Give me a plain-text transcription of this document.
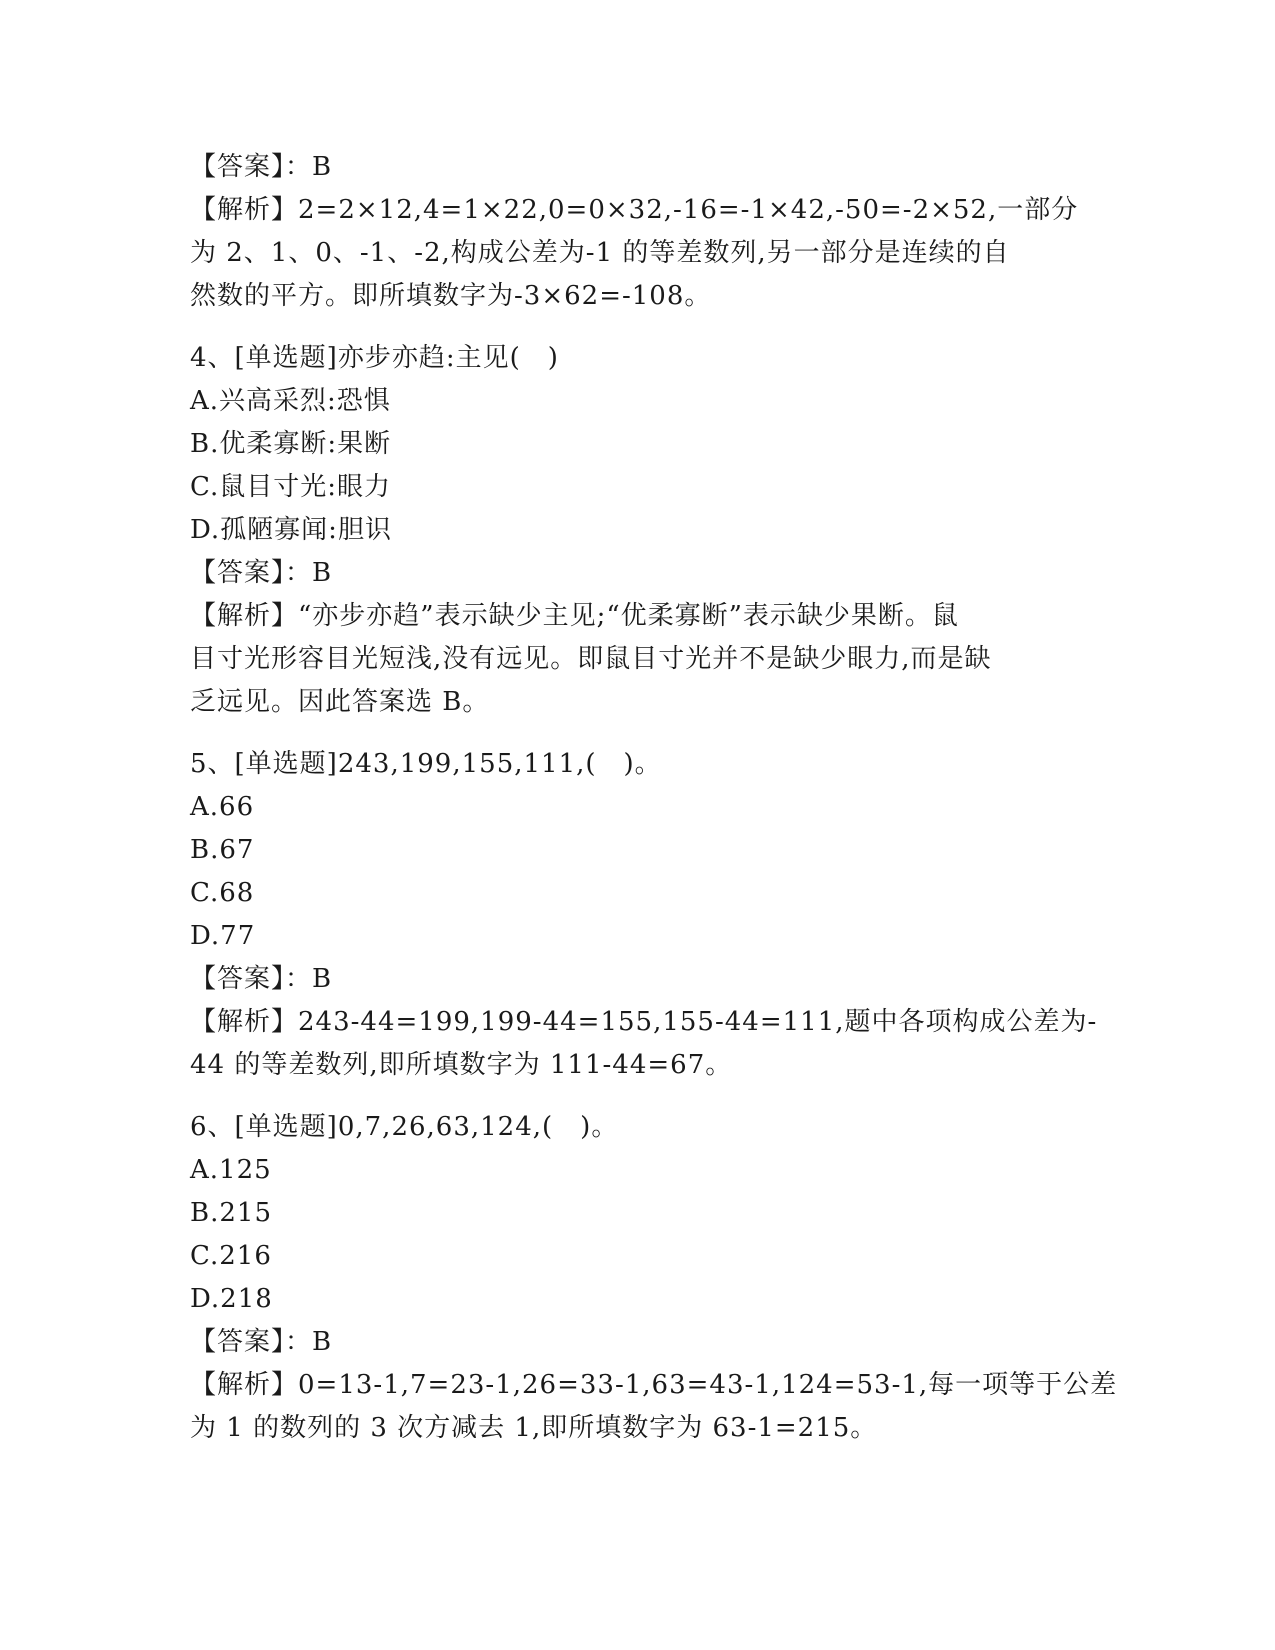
【答案】：B
【解析】2=2×12,4=1×22,0=0×32,-16=-1×42,-50=-2×52,一部分
为 2、1、0、-1、-2,构成公差为-1 的等差数列,另一部分是连续的自
然数的平方。即所填数字为-3×62=-108。
4、[单选题]亦步亦趋:主见(　)
A.兴高采烈:恐惧
B.优柔寡断:果断
C.鼠目寸光:眼力
D.孤陋寡闻:胆识
【答案】：B
【解析】“亦步亦趋”表示缺少主见;“优柔寡断”表示缺少果断。鼠
目寸光形容目光短浅,没有远见。即鼠目寸光并不是缺少眼力,而是缺
乏远见。因此答案选 B。
5、[单选题]243,199,155,111,(　)。
A.66
B.67
C.68
D.77
【答案】：B
【解析】243-44=199,199-44=155,155-44=111,题中各项构成公差为-
44 的等差数列,即所填数字为 111-44=67。
6、[单选题]0,7,26,63,124,(　)。
A.125
B.215
C.216
D.218
【答案】：B
【解析】0=13-1,7=23-1,26=33-1,63=43-1,124=53-1,每一项等于公差
为 1 的数列的 3 次方减去 1,即所填数字为 63-1=215。
